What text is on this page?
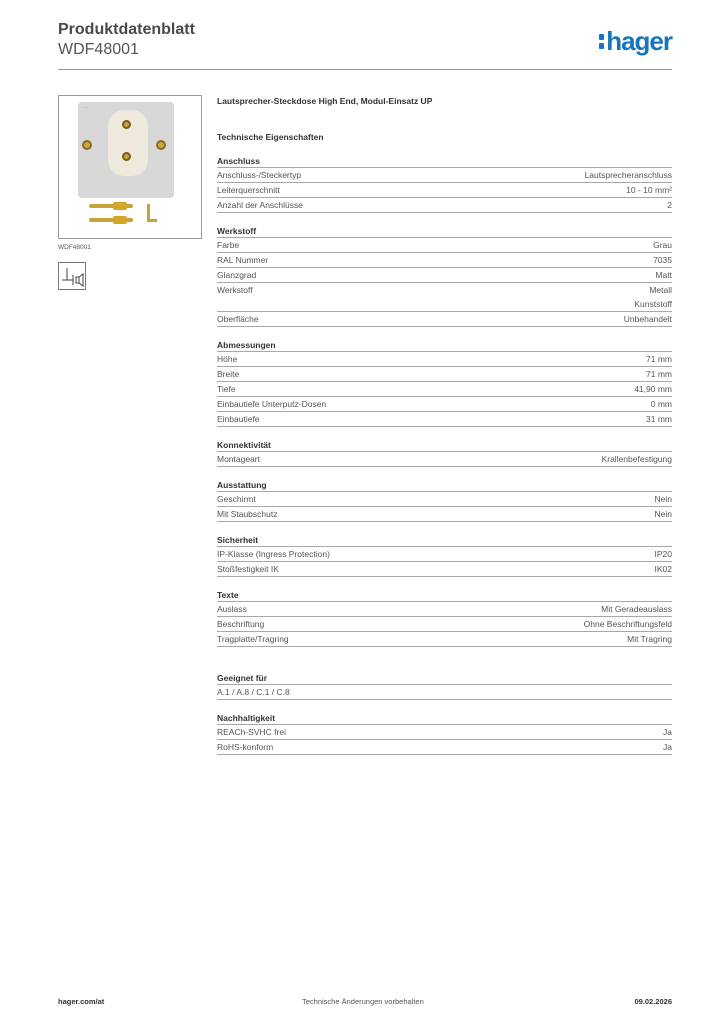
Produktdatenblatt
WDF48001	hager
···
WDF48001
Lautsprecher-Steckdose High End, Modul-Einsatz UP
Technische Eigenschaften
Anschluss
Anschluss-/Steckertyp	Lautsprecheranschluss
Leiterquerschnitt	10 - 10 mm²
Anzahl der Anschlüsse	2
Werkstoff
Farbe	Grau
RAL Nummer	7035
Glanzgrad	Matt
Werkstoff	Metall
Kunststoff
Oberfläche	Unbehandelt
Abmessungen
Höhe	71 mm
Breite	71 mm
Tiefe	41,90 mm
Einbautiefe Unterputz-Dosen	0 mm
Einbautiefe	31 mm
Konnektivität
Montageart	Krallenbefestigung
Ausstattung
Geschirmt	Nein
Mit Staubschutz	Nein
Sicherheit
IP-Klasse (Ingress Protection)	IP20
Stoßfestigkeit IK	IK02
Texte
Auslass	Mit Geradeauslass
Beschriftung	Ohne Beschriftungsfeld
Tragplatte/Tragring	Mit Tragring
Geeignet für
A.1 / A.8 / C.1 / C.8
Nachhaltigkeit
REACh-SVHC frei	Ja
RoHS-konform	Ja
hager.com/at	Technische Änderungen vorbehalten	09.02.2026
